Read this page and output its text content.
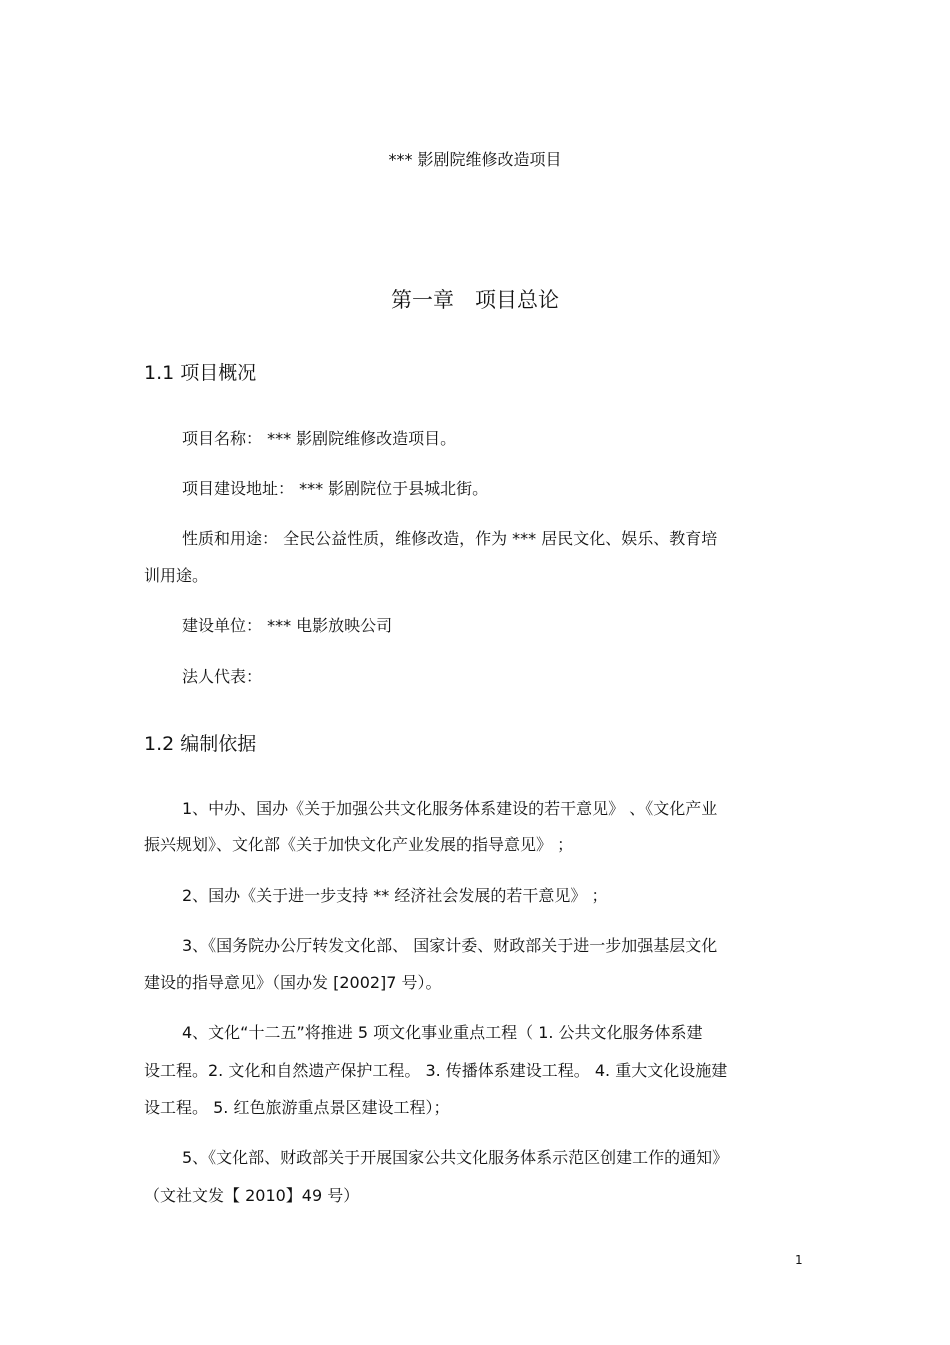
*** 影剧院维修改造项目
第一章　项目总论
1.1 项目概况
项目名称： *** 影剧院维修改造项目。
项目建设地址： *** 影剧院位于县城北街。
性质和用途： 全民公益性质，维修改造，作为 *** 居民文化、娱乐、教育培
训用途。
建设单位： *** 电影放映公司
法人代表：
1.2 编制依据
1、中办、国办《关于加强公共文化服务体系建设的若干意见》 、《文化产业
振兴规划》、文化部《关于加快文化产业发展的指导意见》 ；
2、国办《关于进一步支持 ** 经济社会发展的若干意见》 ；
3、《国务院办公厅转发文化部、 国家计委、财政部关于进一步加强基层文化
建设的指导意见》（国办发 [2002]7 号）。
4、文化“十二五”将推进 5 项文化事业重点工程（ 1. 公共文化服务体系建
设工程。2. 文化和自然遗产保护工程。 3. 传播体系建设工程。 4. 重大文化设施建
设工程。 5. 红色旅游重点景区建设工程）；
5、《文化部、财政部关于开展国家公共文化服务体系示范区创建工作的通知》
（文社文发【 2010】49 号）
1
